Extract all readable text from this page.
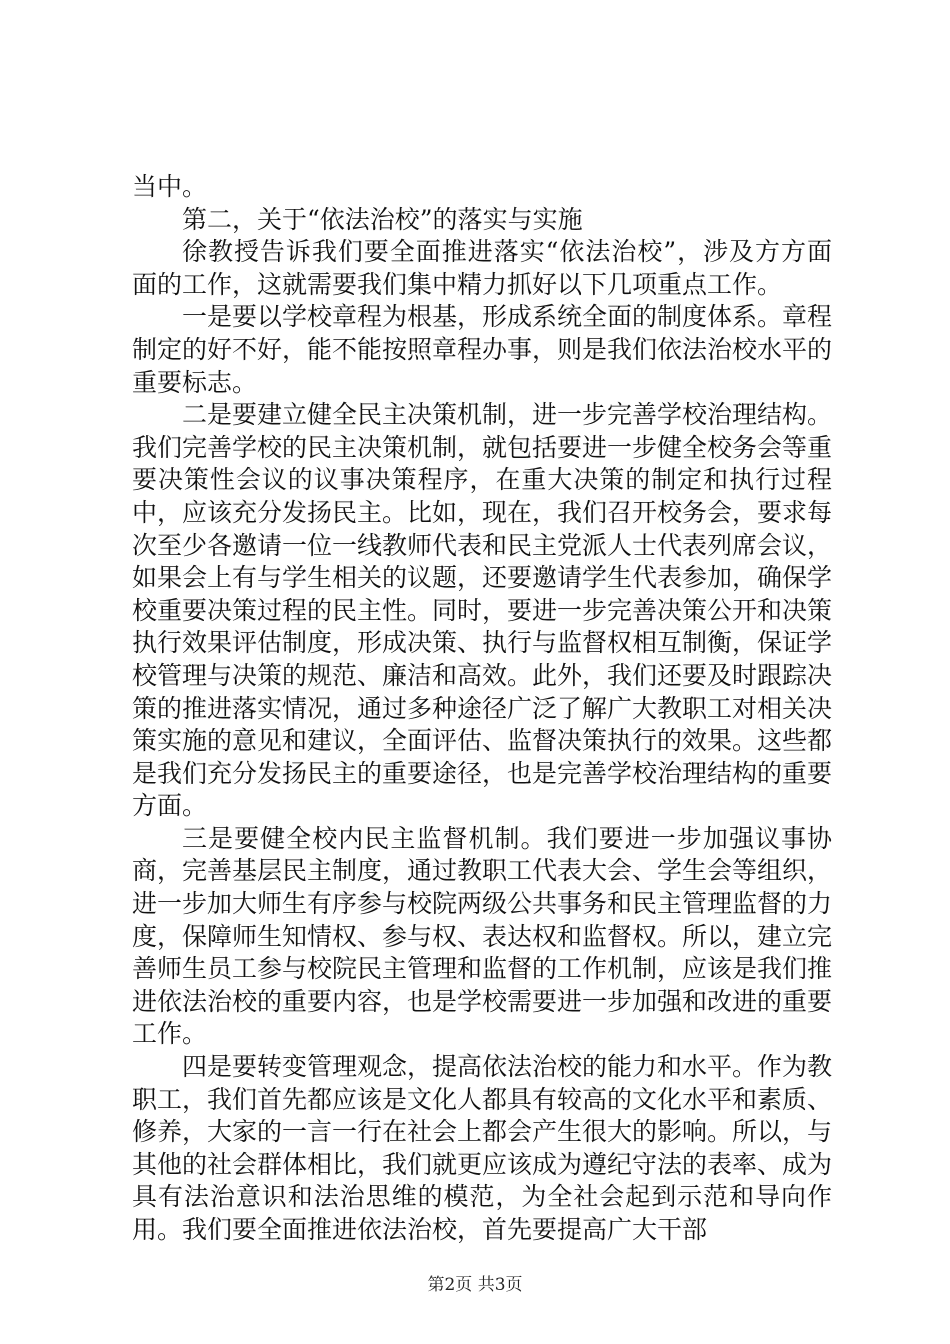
当中。

第二，关于“依法治校”的落实与实施

徐教授告诉我们要全面推进落实“依法治校”，涉及方方面面的工作，这就需要我们集中精力抓好以下几项重点工作。

一是要以学校章程为根基，形成系统全面的制度体系。章程制定的好不好，能不能按照章程办事，则是我们依法治校水平的重要标志。

二是要建立健全民主决策机制，进一步完善学校治理结构。我们完善学校的民主决策机制，就包括要进一步健全校务会等重要决策性会议的议事决策程序，在重大决策的制定和执行过程中，应该充分发扬民主。比如，现在，我们召开校务会，要求每次至少各邀请一位一线教师代表和民主党派人士代表列席会议，如果会上有与学生相关的议题，还要邀请学生代表参加，确保学校重要决策过程的民主性。同时，要进一步完善决策公开和决策执行效果评估制度，形成决策、执行与监督权相互制衡，保证学校管理与决策的规范、廉洁和高效。此外，我们还要及时跟踪决策的推进落实情况，通过多种途径广泛了解广大教职工对相关决策实施的意见和建议，全面评估、监督决策执行的效果。这些都是我们充分发扬民主的重要途径，也是完善学校治理结构的重要方面。

三是要健全校内民主监督机制。我们要进一步加强议事协商，完善基层民主制度，通过教职工代表大会、学生会等组织，进一步加大师生有序参与校院两级公共事务和民主管理监督的力度，保障师生知情权、参与权、表达权和监督权。所以，建立完善师生员工参与校院民主管理和监督的工作机制，应该是我们推进依法治校的重要内容，也是学校需要进一步加强和改进的重要工作。

四是要转变管理观念，提高依法治校的能力和水平。作为教职工，我们首先都应该是文化人都具有较高的文化水平和素质、修养，大家的一言一行在社会上都会产生很大的影响。所以，与其他的社会群体相比，我们就更应该成为遵纪守法的表率、成为具有法治意识和法治思维的模范，为全社会起到示范和导向作用。我们要全面推进依法治校，首先要提高广大干部

第2页 共3页
